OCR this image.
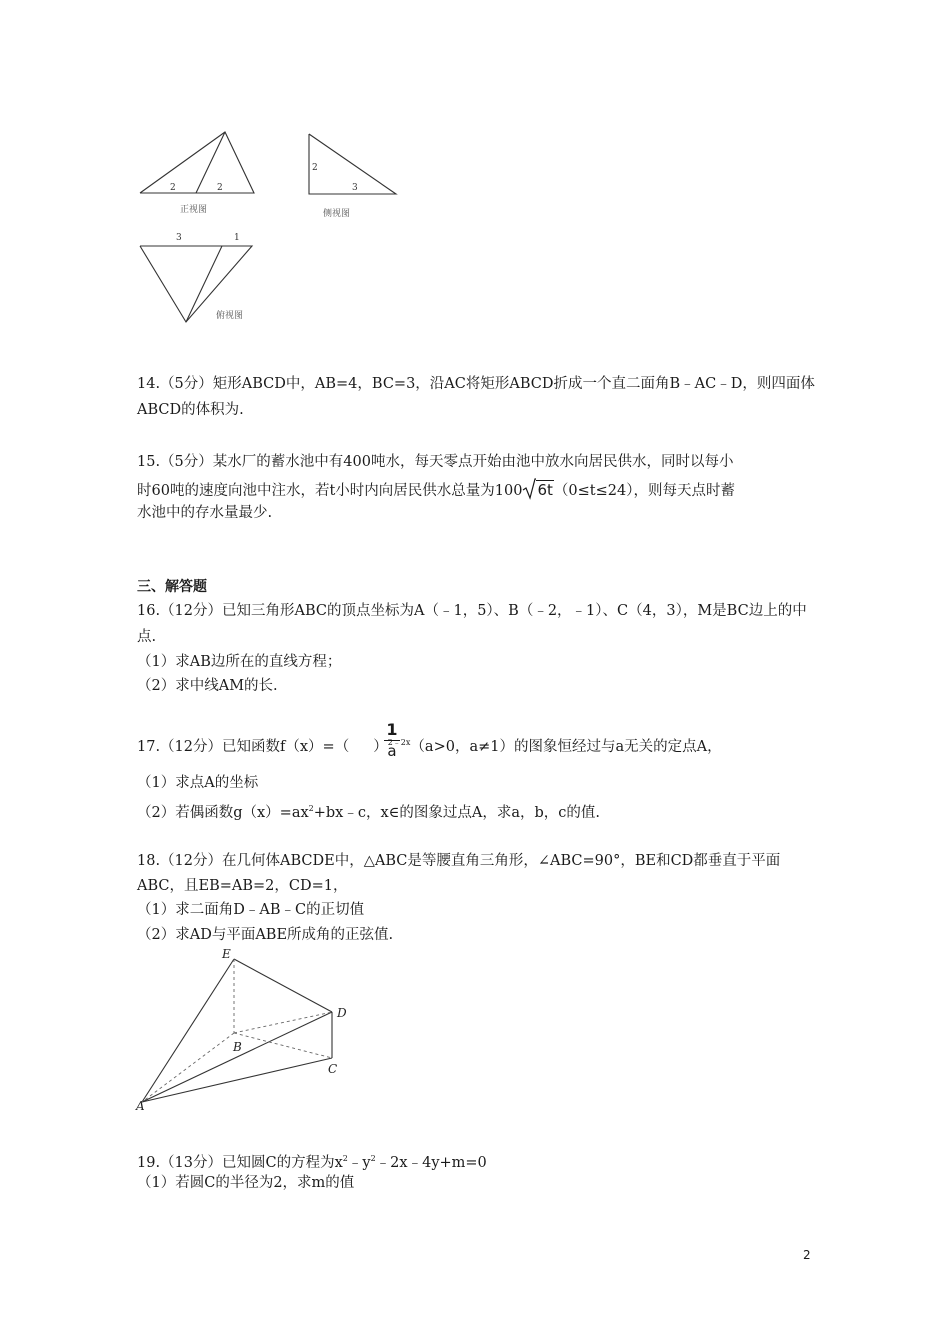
2	2
正视图
2
3
侧视图
3	1
俯视图
14.（5分）矩形ABCD中，AB=4，BC=3，沿AC将矩形ABCD折成一个直二面角B﹣AC﹣D，则四面体
ABCD的体积为.
15.（5分）某水厂的蓄水池中有400吨水，每天零点开始由池中放水向居民供水，同时以每小
时60吨的速度向池中注水，若t小时内向居民供水总量为100 6t（0≤t≤24），则每天点时蓄
水池中的存水量最少.
三、解答题
16.（12分）已知三角形ABC的顶点坐标为A（﹣1，5）、B（﹣2，﹣1）、C（4，3），M是BC边上的中
点.
（1）求AB边所在的直线方程；
（2）求中线AM的长.
17.（12分）已知函数f（x）=（ ）$^{2﹣2x}$（a>0，a≠1）的图象恒经过与a无关的定点A，
1
a
（1）求点A的坐标
（2）若偶函数$g(x)=ax^2+bx﹣c$，x∈的图象过点A，求a，b，c的值.
18.（12分）在几何体ABCDE中，△ABC是等腰直角三角形，∠ABC=90°，BE和CD都垂直于平面
ABC，且EB=AB=2，CD=1，
（1）求二面角D﹣AB﹣C的正切值
（2）求AD与平面ABE所成角的正弦值.
E
D
B
C
A
19.（13分）已知圆C的方程为$x^2﹣y^2﹣2x﹣4y+m=0$
（1）若圆C的半径为2，求m的值
2
